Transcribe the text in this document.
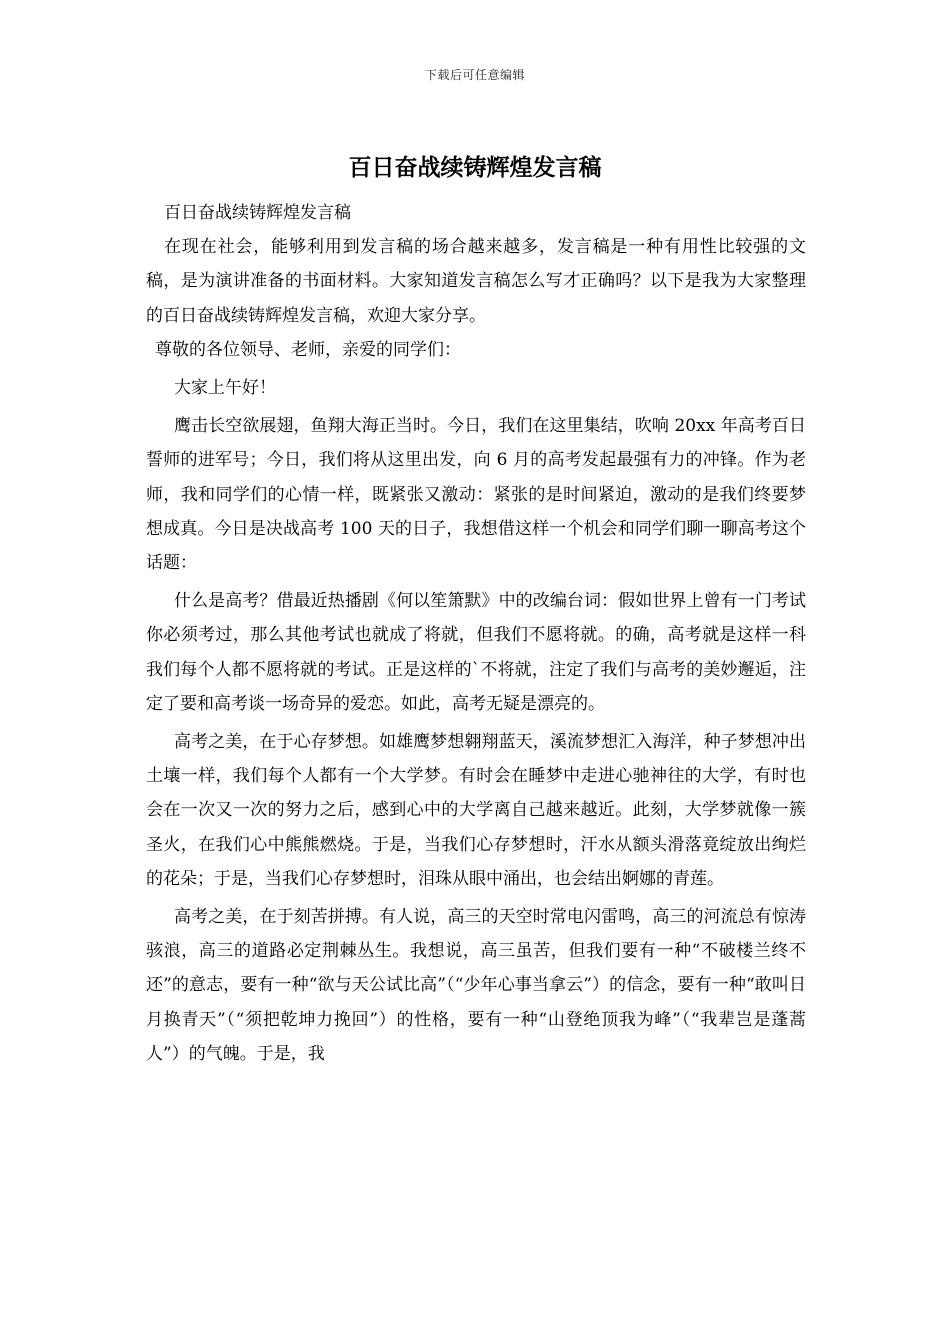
下载后可任意编辑
百日奋战续铸辉煌发言稿

百日奋战续铸辉煌发言稿

在现在社会，能够利用到发言稿的场合越来越多，发言稿是一种有用性比较强的文稿，是为演讲准备的书面材料。大家知道发言稿怎么写才正确吗？以下是我为大家整理的百日奋战续铸辉煌发言稿，欢迎大家分享。

尊敬的各位领导、老师，亲爱的同学们：

大家上午好！

鹰击长空欲展翅，鱼翔大海正当时。今日，我们在这里集结，吹响 20xx 年高考百日誓师的进军号；今日，我们将从这里出发，向 6 月的高考发起最强有力的冲锋。作为老师，我和同学们的心情一样，既紧张又激动：紧张的是时间紧迫，激动的是我们终要梦想成真。今日是决战高考 100 天的日子，我想借这样一个机会和同学们聊一聊高考这个话题：

什么是高考？借最近热播剧《何以笙箫默》中的改编台词：假如世界上曾有一门考试你必须考过，那么其他考试也就成了将就，但我们不愿将就。的确，高考就是这样一科我们每个人都不愿将就的考试。正是这样的`不将就，注定了我们与高考的美妙邂逅，注定了要和高考谈一场奇异的爱恋。如此，高考无疑是漂亮的。

高考之美，在于心存梦想。如雄鹰梦想翱翔蓝天，溪流梦想汇入海洋，种子梦想冲出土壤一样，我们每个人都有一个大学梦。有时会在睡梦中走进心驰神往的大学，有时也会在一次又一次的努力之后，感到心中的大学离自己越来越近。此刻，大学梦就像一簇圣火，在我们心中熊熊燃烧。于是，当我们心存梦想时，汗水从额头滑落竟绽放出绚烂的花朵；于是，当我们心存梦想时，泪珠从眼中涌出，也会结出婀娜的青莲。

高考之美，在于刻苦拼搏。有人说，高三的天空时常电闪雷鸣，高三的河流总有惊涛骇浪，高三的道路必定荆棘丛生。我想说，高三虽苦，但我们要有一种“不破楼兰终不还”的意志，要有一种“欲与天公试比高”（“少年心事当拿云”）的信念，要有一种“敢叫日月换青天”（“须把乾坤力挽回”）的性格，要有一种“山登绝顶我为峰”（“我辈岂是蓬蒿人”）的气魄。于是，我
